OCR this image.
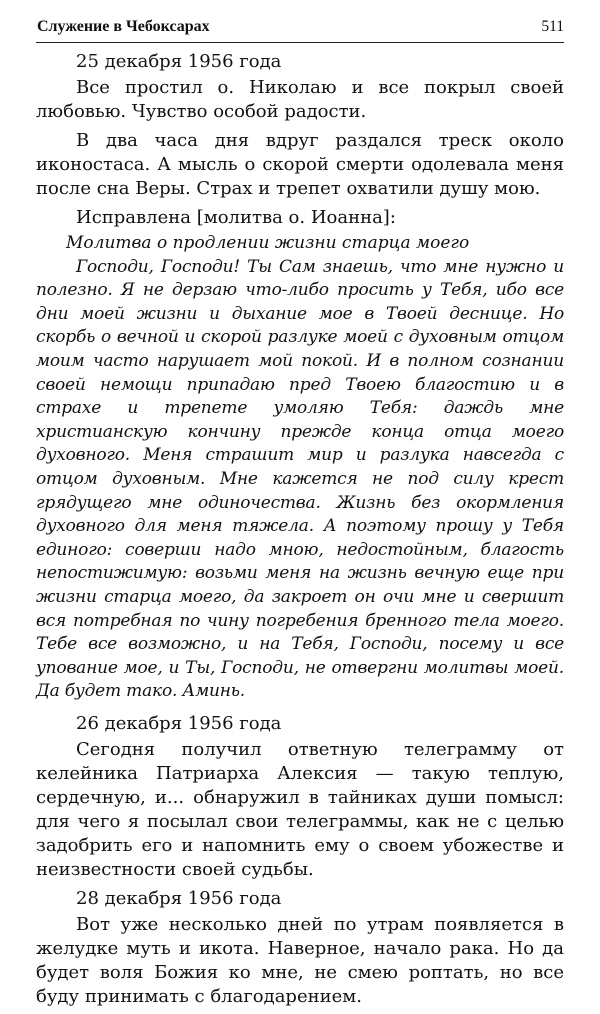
Служение в Чебоксарах	511

25 декабря 1956 года

Все простил о. Николаю и все покрыл своей любовью. Чувство особой радости.

В два часа дня вдруг раздался треск около иконостаса. А мысль о скорой смерти одолевала меня после сна Веры. Страх и трепет охватили душу мою.

Исправлена [молитва о. Иоанна]:

Молитва о продлении жизни старца моего

Господи, Господи! Ты Сам знаешь, что мне нужно и полезно. Я не дерзаю что-либо просить у Тебя, ибо все дни моей жизни и дыхание мое в Твоей деснице. Но скорбь о вечной и скорой разлуке моей с духовным отцом моим часто нарушает мой покой. И в полном сознании своей немощи припадаю пред Твоею благостию и в страхе и трепете умоляю Тебя: даждь мне христианскую кончину прежде конца отца моего духовного. Меня страшит мир и разлука навсегда с отцом духовным. Мне кажется не под силу крест грядущего мне одиночества. Жизнь без окормления духовного для меня тяжела. А поэтому прошу у Тебя единого: соверши надо мною, недостойным, благость непостижимую: возьми меня на жизнь вечную еще при жизни старца моего, да закроет он очи мне и свершит вся потребная по чину погребения бренного тела моего. Тебе все возможно, и на Тебя, Господи, посему и все упование мое, и Ты, Господи, не отвергни молитвы моей. Да будет тако. Аминь.

26 декабря 1956 года

Сегодня получил ответную телеграмму от келейника Патриарха Алексия — такую теплую, сердечную, и... обнаружил в тайниках души помысл: для чего я посылал свои телеграммы, как не с целью задобрить его и напомнить ему о своем убожестве и неизвестности своей судьбы.

28 декабря 1956 года

Вот уже несколько дней по утрам появляется в желудке муть и икота. Наверное, начало рака. Но да будет воля Божия ко мне, не смею роптать, но все буду принимать с благодарением.
